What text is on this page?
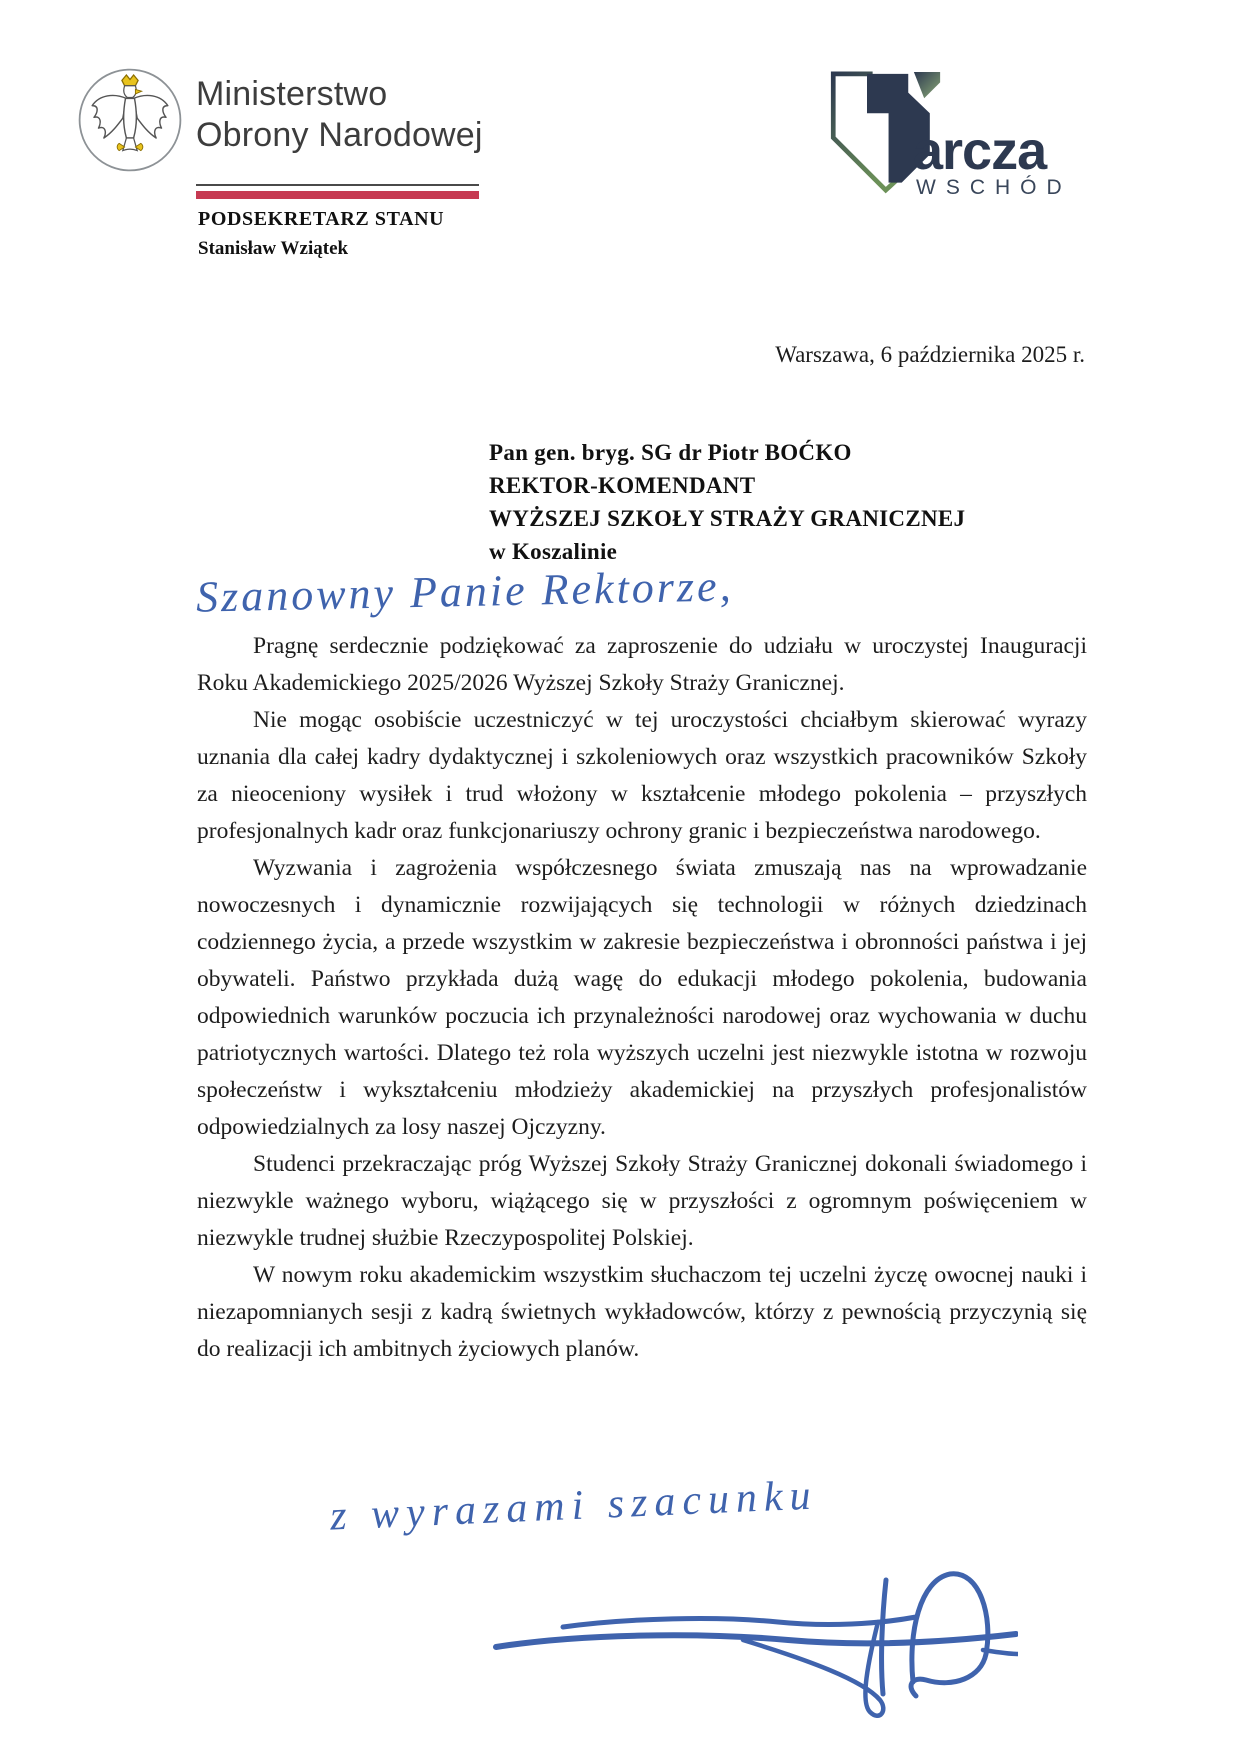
Ministerstwo
Obrony Narodowej
PODSEKRETARZ STANU
Stanisław Wziątek
arcza
WSCHÓD
Warszawa, 6 października 2025 r.
Pan gen. bryg. SG dr Piotr BOĆKO
REKTOR-KOMENDANT
WYŻSZEJ SZKOŁY STRAŻY GRANICZNEJ
w Koszalinie
Szanowny Panie Rektorze,

Pragnę serdecznie podziękować za zaproszenie do udziału w uroczystej Inauguracji Roku Akademickiego 2025/2026 Wyższej Szkoły Straży Granicznej.

Nie mogąc osobiście uczestniczyć w tej uroczystości chciałbym skierować wyrazy uznania dla całej kadry dydaktycznej i szkoleniowych oraz wszystkich pracowników Szkoły za nieoceniony wysiłek i trud włożony w kształcenie młodego pokolenia – przyszłych profesjonalnych kadr oraz funkcjonariuszy ochrony granic i bezpieczeństwa narodowego.

Wyzwania i zagrożenia współczesnego świata zmuszają nas na wprowadzanie nowoczesnych i dynamicznie rozwijających się technologii w różnych dziedzinach codziennego życia, a przede wszystkim w zakresie bezpieczeństwa i obronności państwa i jej obywateli. Państwo przykłada dużą wagę do edukacji młodego pokolenia, budowania odpowiednich warunków poczucia ich przynależności narodowej oraz wychowania w duchu patriotycznych wartości. Dlatego też rola wyższych uczelni jest niezwykle istotna w rozwoju społeczeństw i wykształceniu młodzieży akademickiej na przyszłych profesjonalistów odpowiedzialnych za losy naszej Ojczyzny.

Studenci przekraczając próg Wyższej Szkoły Straży Granicznej dokonali świadomego i niezwykle ważnego wyboru, wiążącego się w przyszłości z ogromnym poświęceniem w niezwykle trudnej służbie Rzeczypospolitej Polskiej.

W nowym roku akademickim wszystkim słuchaczom tej uczelni życzę owocnej nauki i niezapomnianych sesji z kadrą świetnych wykładowców, którzy z pewnością przyczynią się do realizacji ich ambitnych życiowych planów.

z wyrazami szacunku
